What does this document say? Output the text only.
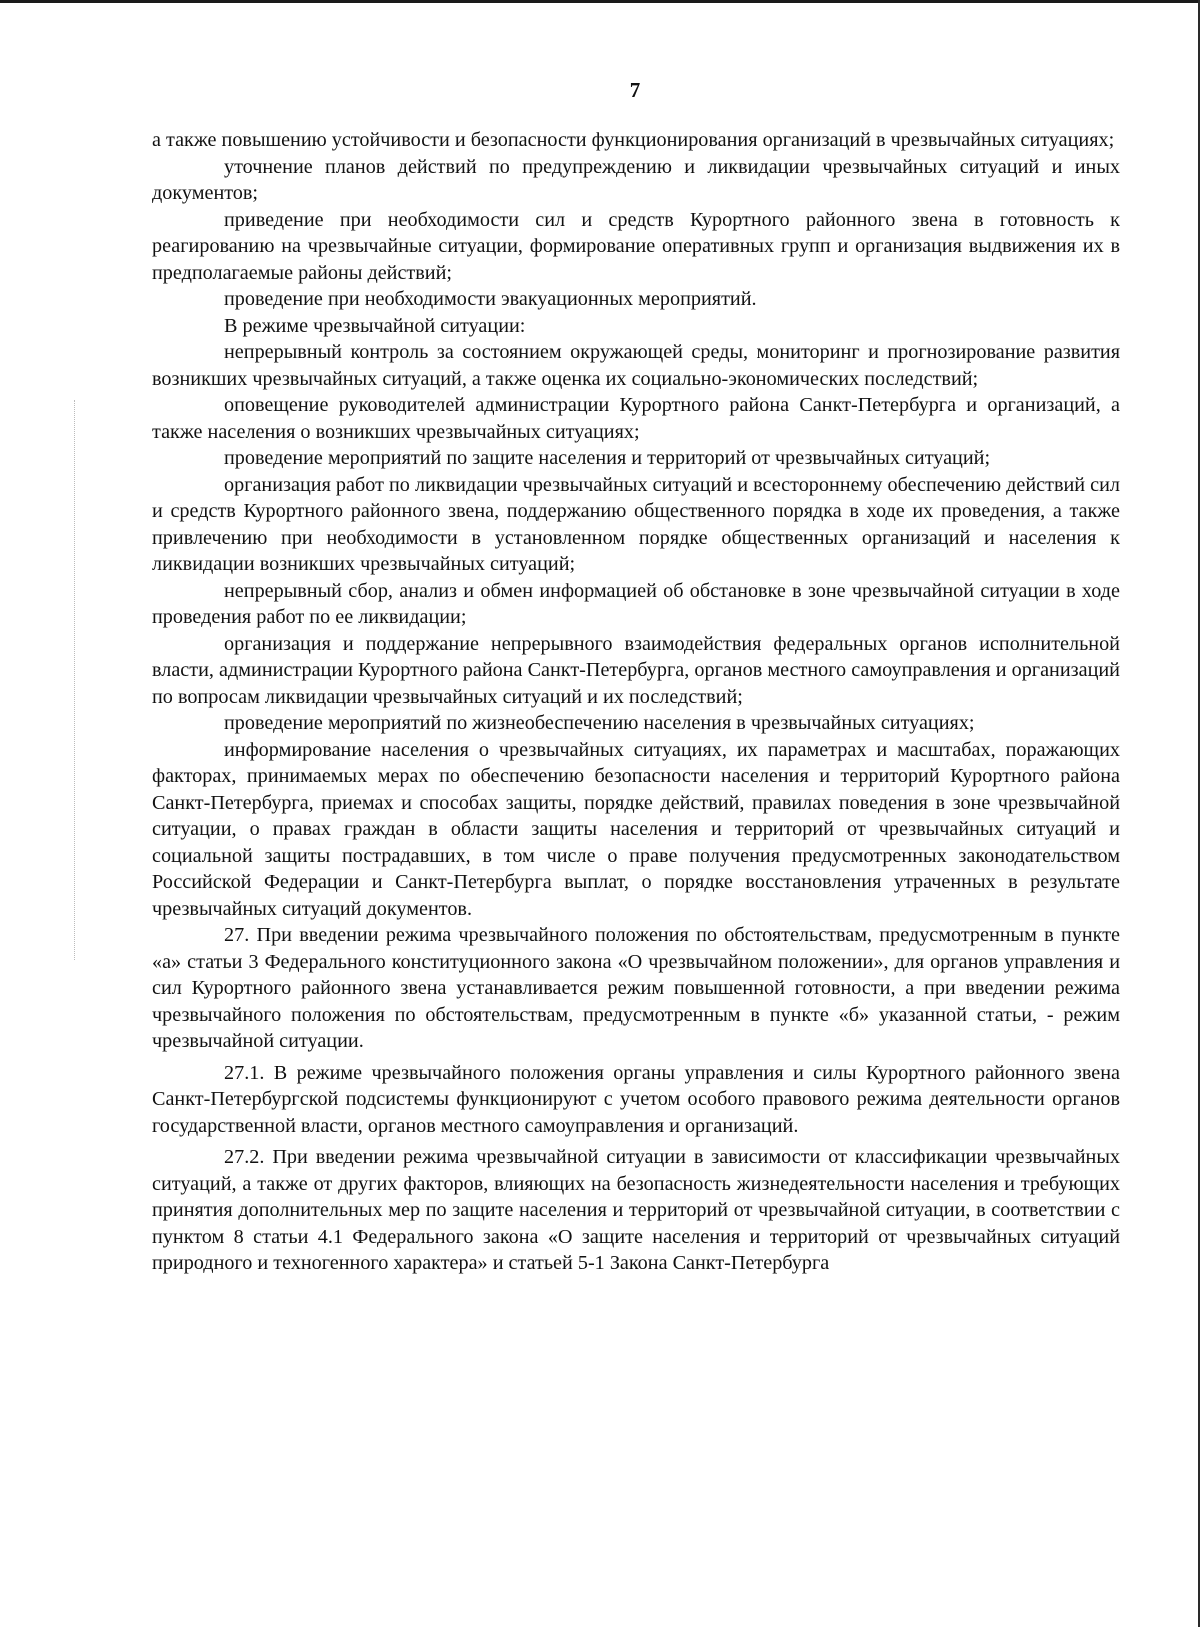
7

а также повышению устойчивости и безопасности функционирования организаций в чрезвычайных ситуациях;

уточнение планов действий по предупреждению и ликвидации чрезвычайных ситуаций и иных документов;

приведение при необходимости сил и средств Курортного районного звена в готовность к реагированию на чрезвычайные ситуации, формирование оперативных групп и организация выдвижения их в предполагаемые районы действий;

проведение при необходимости эвакуационных мероприятий.

В режиме чрезвычайной ситуации:

непрерывный контроль за состоянием окружающей среды, мониторинг и прогнозирование развития возникших чрезвычайных ситуаций, а также оценка их социально-экономических последствий;

оповещение руководителей администрации Курортного района Санкт-Петербурга и организаций, а также населения о возникших чрезвычайных ситуациях;

проведение мероприятий по защите населения и территорий от чрезвычайных ситуаций;

организация работ по ликвидации чрезвычайных ситуаций и всестороннему обеспечению действий сил и средств Курортного районного звена, поддержанию общественного порядка в ходе их проведения, а также привлечению при необходимости в установленном порядке общественных организаций и населения к ликвидации возникших чрезвычайных ситуаций;

непрерывный сбор, анализ и обмен информацией об обстановке в зоне чрезвычайной ситуации в ходе проведения работ по ее ликвидации;

организация и поддержание непрерывного взаимодействия федеральных органов исполнительной власти, администрации Курортного района Санкт-Петербурга, органов местного самоуправления и организаций по вопросам ликвидации чрезвычайных ситуаций и их последствий;

проведение мероприятий по жизнеобеспечению населения в чрезвычайных ситуациях;

информирование населения о чрезвычайных ситуациях, их параметрах и масштабах, поражающих факторах, принимаемых мерах по обеспечению безопасности населения и территорий Курортного района Санкт-Петербурга, приемах и способах защиты, порядке действий, правилах поведения в зоне чрезвычайной ситуации, о правах граждан в области защиты населения и территорий от чрезвычайных ситуаций и социальной защиты пострадавших, в том числе о праве получения предусмотренных законодательством Российской Федерации и Санкт-Петербурга выплат, о порядке восстановления утраченных в результате чрезвычайных ситуаций документов.

27. При введении режима чрезвычайного положения по обстоятельствам, предусмотренным в пункте «а» статьи 3 Федерального конституционного закона «О чрезвычайном положении», для органов управления и сил Курортного районного звена устанавливается режим повышенной готовности, а при введении режима чрезвычайного положения по обстоятельствам, предусмотренным в пункте «б» указанной статьи, - режим чрезвычайной ситуации.

27.1. В режиме чрезвычайного положения органы управления и силы Курортного районного звена Санкт-Петербургской подсистемы функционируют с учетом особого правового режима деятельности органов государственной власти, органов местного самоуправления и организаций.

27.2. При введении режима чрезвычайной ситуации в зависимости от классификации чрезвычайных ситуаций, а также от других факторов, влияющих на безопасность жизнедеятельности населения и требующих принятия дополнительных мер по защите населения и территорий от чрезвычайной ситуации, в соответствии с пунктом 8 статьи 4.1 Федерального закона «О защите населения и территорий от чрезвычайных ситуаций природного и техногенного характера» и статьей 5-1 Закона Санкт-Петербурга
